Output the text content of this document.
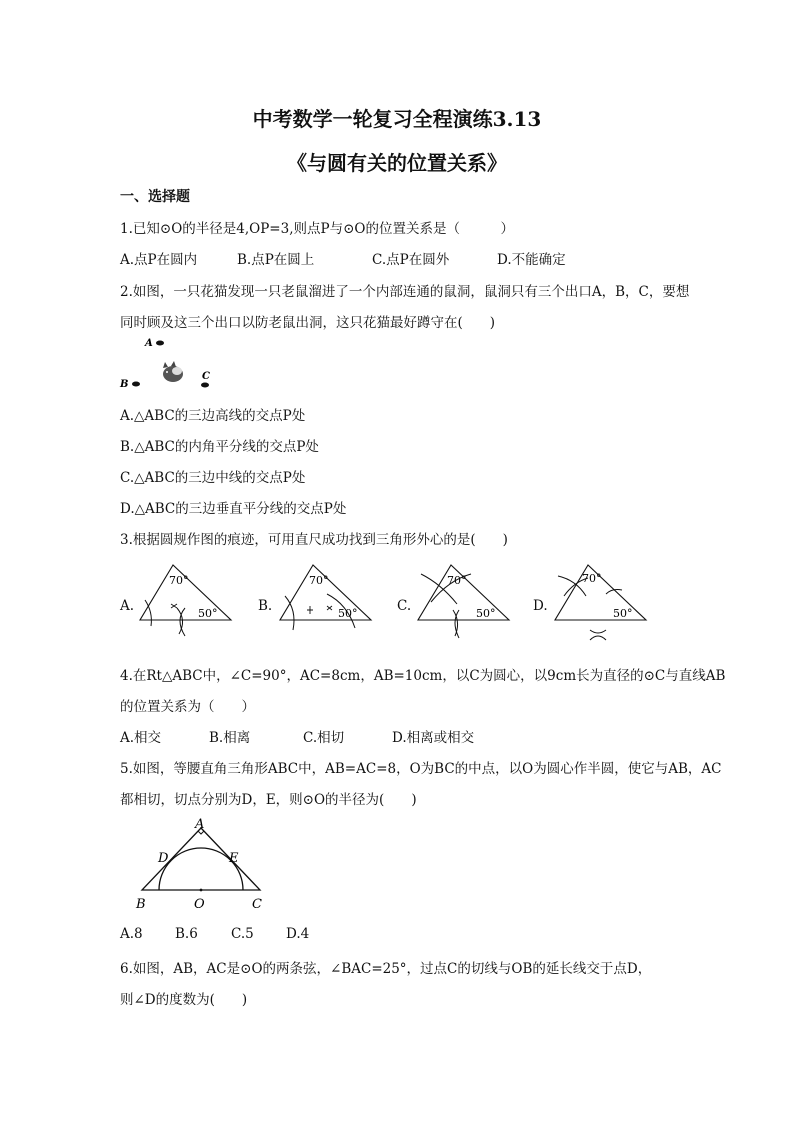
中考数学一轮复习全程演练3.13
《与圆有关的位置关系》
一、选择题
1.已知⊙O的半径是4,OP=3,则点P与⊙O的位置关系是（　　　）
A.点P在圆内	B.点P在圆上	C.点P在圆外	D.不能确定
2.如图，一只花猫发现一只老鼠溜进了一个内部连通的鼠洞，鼠洞只有三个出口A，B，C，要想
同时顾及这三个出口以防老鼠出洞，这只花猫最好蹲守在(　　)
A
B
C
A.△ABC的三边高线的交点P处
B.△ABC的内角平分线的交点P处
C.△ABC的三边中线的交点P处
D.△ABC的三边垂直平分线的交点P处
3.根据圆规作图的痕迹，可用直尺成功找到三角形外心的是(　　)
A.
70°
50°	B.
70°
50°	C.
70°
50°	D.
70°
50°
4.在Rt△ABC中，∠C=90°，AC=8cm，AB=10cm，以C为圆心，以9cm长为直径的⊙C与直线AB
的位置关系为（　　）
A.相交	B.相离	C.相切	D.相离或相交
5.如图，等腰直角三角形ABC中，AB=AC=8，O为BC的中点，以O为圆心作半圆，使它与AB，AC
都相切，切点分别为D，E，则⊙O的半径为(　　)
A
D	E
B	O	C
A.8 B.6 C.5 D.4
6.如图，AB，AC是⊙O的两条弦，∠BAC=25°，过点C的切线与OB的延长线交于点D，
则∠D的度数为(　　)
